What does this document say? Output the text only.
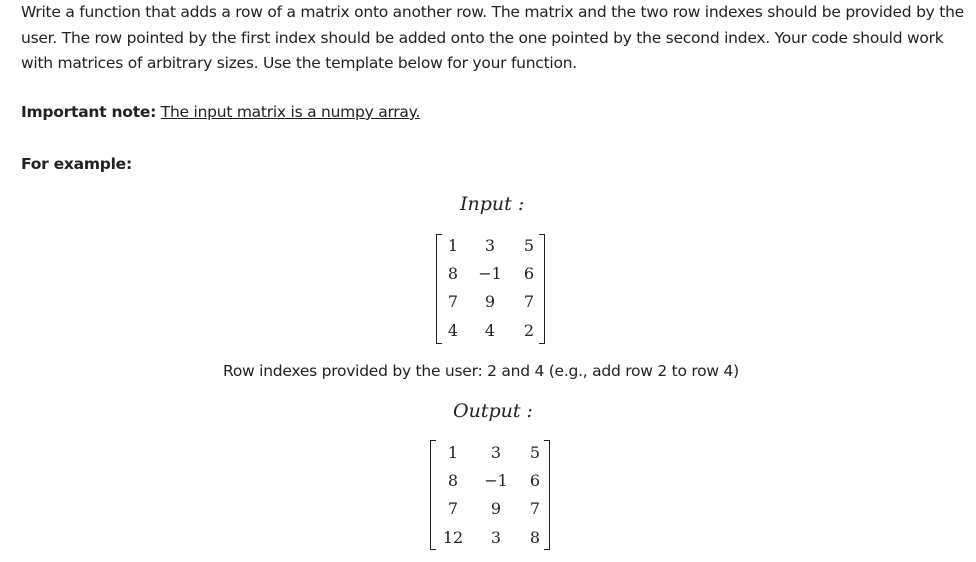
Write a function that adds a row of a matrix onto another row. The matrix and the two row indexes should be provided by the user. The row pointed by the first index should be added onto the one pointed by the second index. Your code should work with matrices of arbitrary sizes. Use the template below for your function.

Important note: The input matrix is a numpy array.
For example:
Input :
1	3	5
8	−1	6
7	9	7
4	4	2
Row indexes provided by the user: 2 and 4 (e.g., add row 2 to row 4)
Output :
1	3	5
8	−1	6
7	9	7
12	3	8
